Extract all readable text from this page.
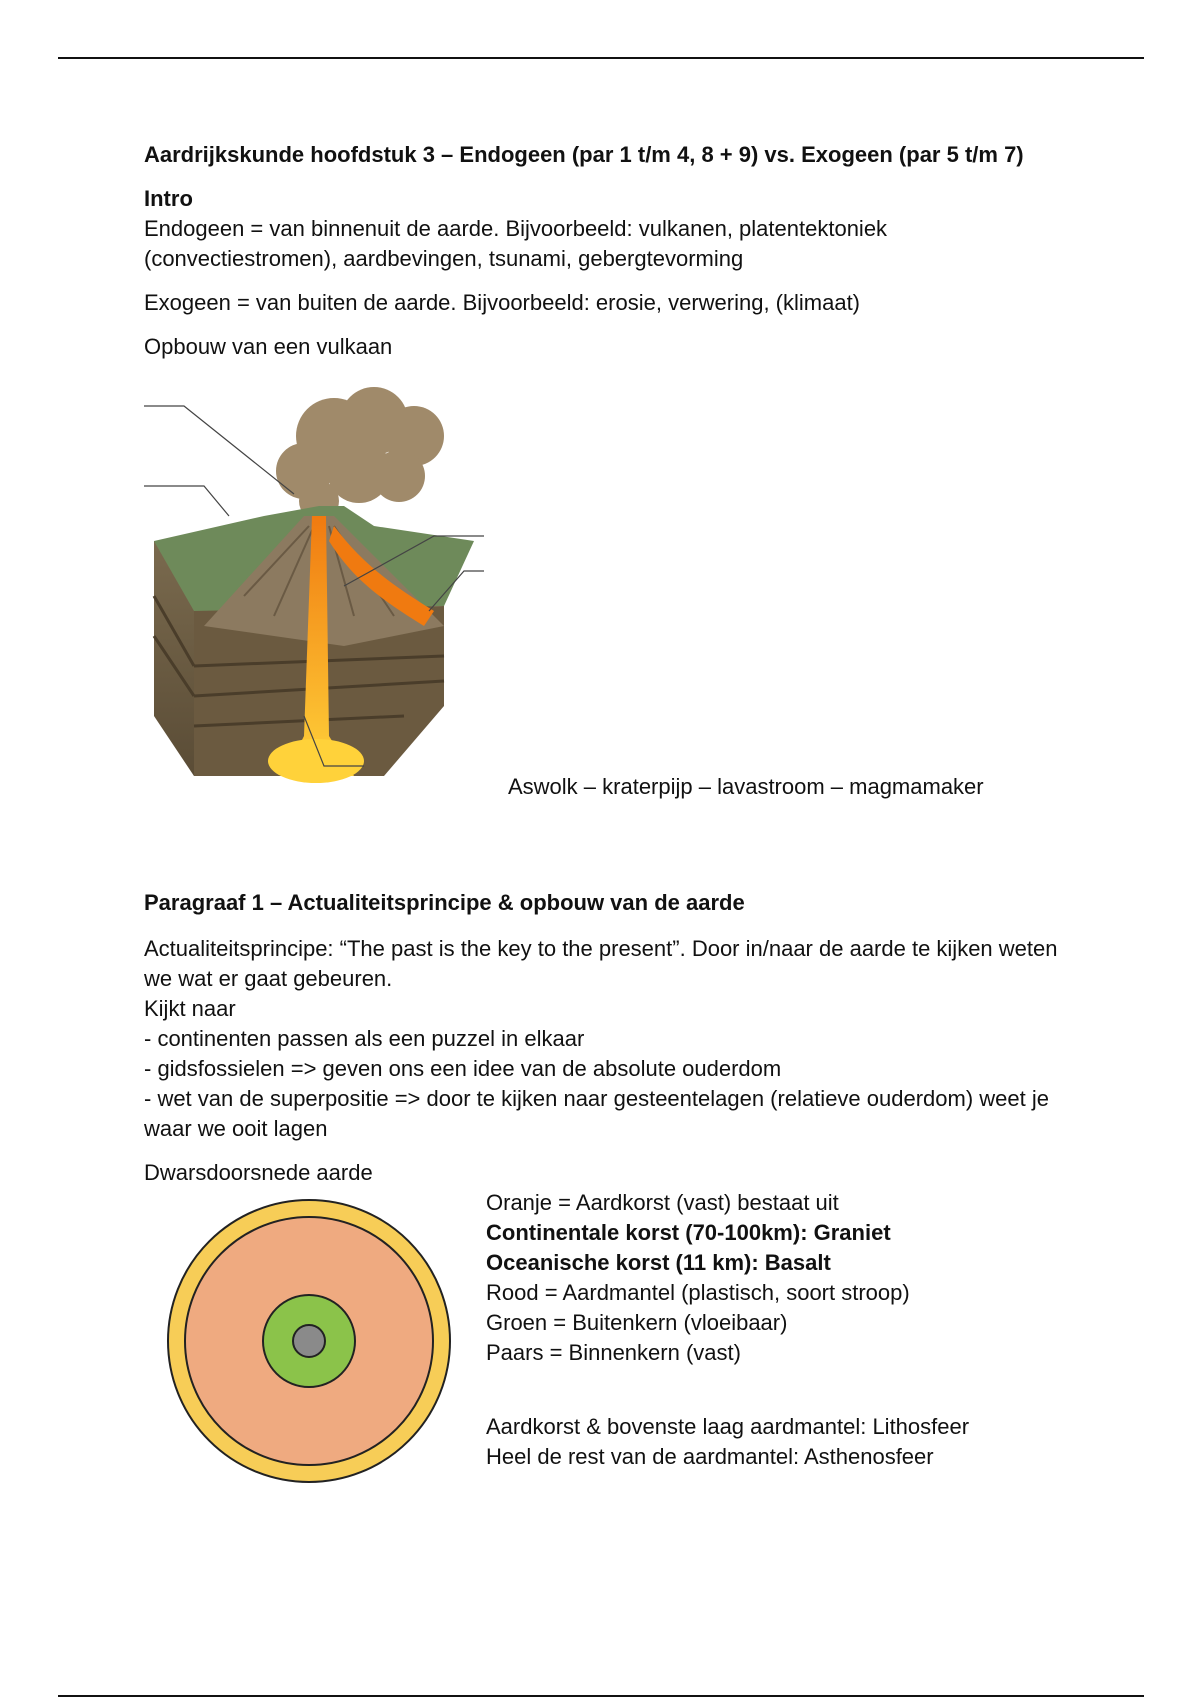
Aardrijkskunde hoofdstuk 3 – Endogeen (par 1 t/m 4, 8 + 9) vs. Exogeen (par 5 t/m 7)

Intro

Endogeen = van binnenuit de aarde. Bijvoorbeeld: vulkanen, platentektoniek (convectiestromen), aardbevingen, tsunami, gebergtevorming

Exogeen = van buiten de aarde. Bijvoorbeeld: erosie, verwering, (klimaat)

Opbouw van een vulkaan

Aswolk – kraterpijp – lavastroom – magmamaker

Paragraaf 1 – Actualiteitsprincipe & opbouw van de aarde

Actualiteitsprincipe: “The past is the key to the present”. Door in/naar de aarde te kijken weten we wat er gaat gebeuren.

Kijkt naar

- continenten passen als een puzzel in elkaar

- gidsfossielen => geven ons een idee van de absolute ouderdom

- wet van de superpositie => door te kijken naar gesteentelagen (relatieve ouderdom) weet je waar we ooit lagen

Dwarsdoorsnede aarde

Oranje = Aardkorst (vast) bestaat uit

Continentale korst (70-100km): Graniet

Oceanische korst (11 km): Basalt

Rood = Aardmantel (plastisch, soort stroop)

Groen = Buitenkern (vloeibaar)

Paars = Binnenkern (vast)

Aardkorst & bovenste laag aardmantel: Lithosfeer

Heel de rest van de aardmantel: Asthenosfeer
